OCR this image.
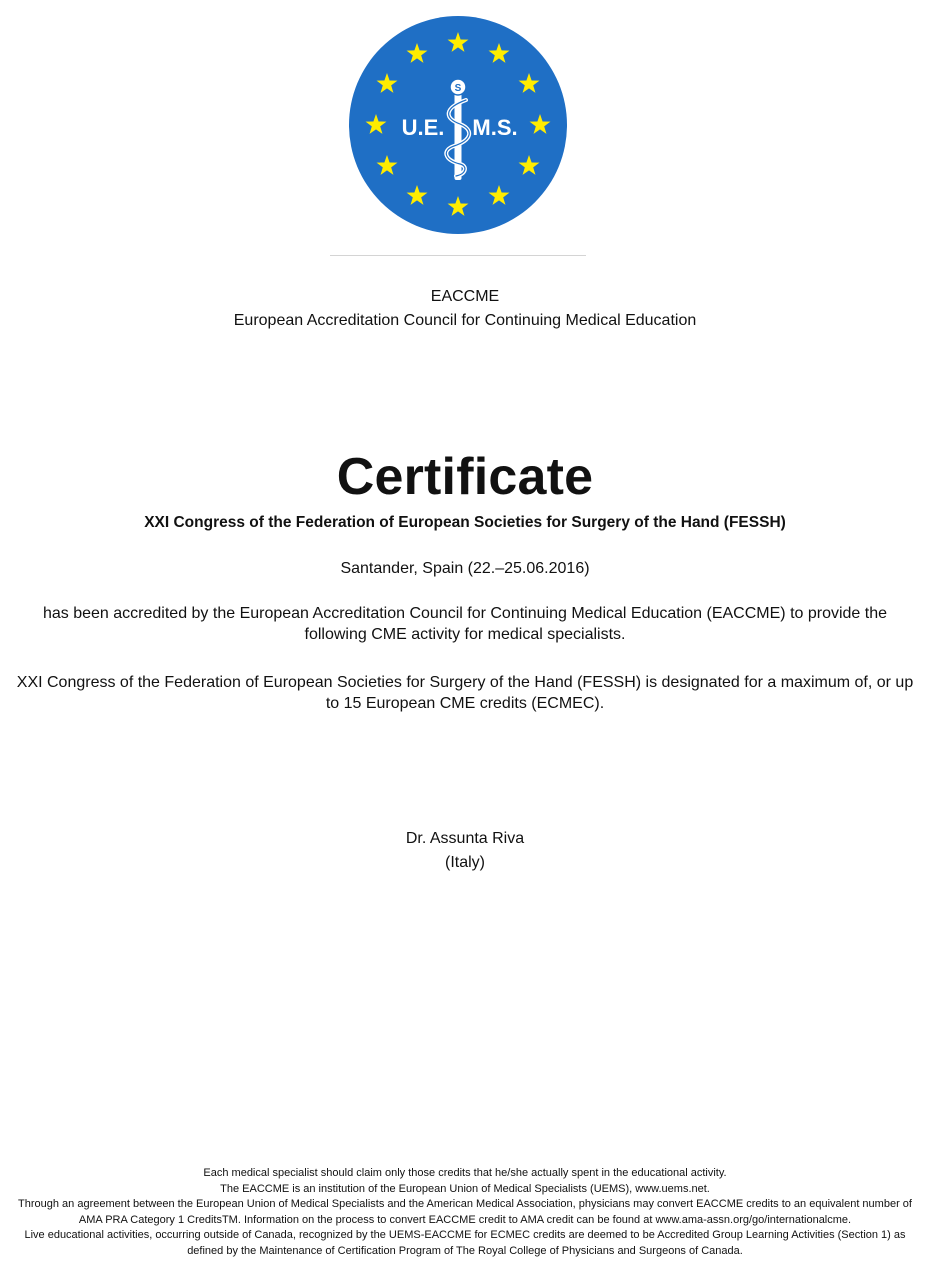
S
U.E. M.S.
EACCME
European Accreditation Council for Continuing Medical Education
Certificate
XXI Congress of the Federation of European Societies for Surgery of the Hand (FESSH)
Santander, Spain (22.–25.06.2016)
has been accredited by the European Accreditation Council for Continuing Medical Education (EACCME) to provide the following CME activity for medical specialists.
XXI Congress of the Federation of European Societies for Surgery of the Hand (FESSH) is designated for a maximum of, or up to 15 European CME credits (ECMEC).
Dr. Assunta Riva
(Italy)

Each medical specialist should claim only those credits that he/she actually spent in the educational activity.

The EACCME is an institution of the European Union of Medical Specialists (UEMS), www.uems.net.

Through an agreement between the European Union of Medical Specialists and the American Medical Association, physicians may convert EACCME credits to an equivalent number of AMA PRA Category 1 CreditsTM. Information on the process to convert EACCME credit to AMA credit can be found at www.ama-assn.org/go/internationalcme.

Live educational activities, occurring outside of Canada, recognized by the UEMS-EACCME for ECMEC credits are deemed to be Accredited Group Learning Activities (Section 1) as defined by the Maintenance of Certification Program of The Royal College of Physicians and Surgeons of Canada.
